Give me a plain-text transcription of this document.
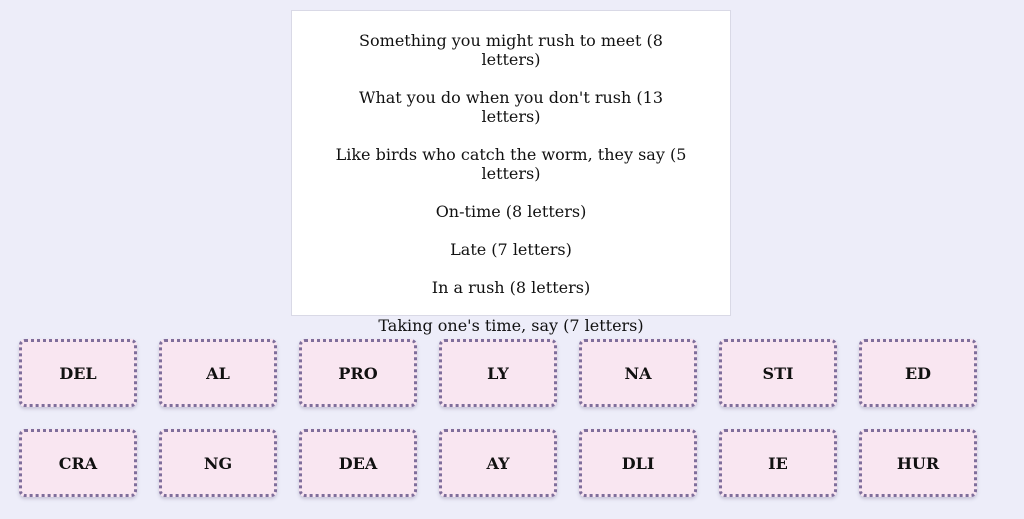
Something you might rush to meet (8 letters)

What you do when you don't rush (13 letters)

Like birds who catch the worm, they say (5 letters)

On-time (8 letters)

Late (7 letters)

In a rush (8 letters)

Taking one's time, say (7 letters)

DEL	AL	PRO	LY	NA	STI	ED
CRA	NG	DEA	AY	DLI	IE	HUR
